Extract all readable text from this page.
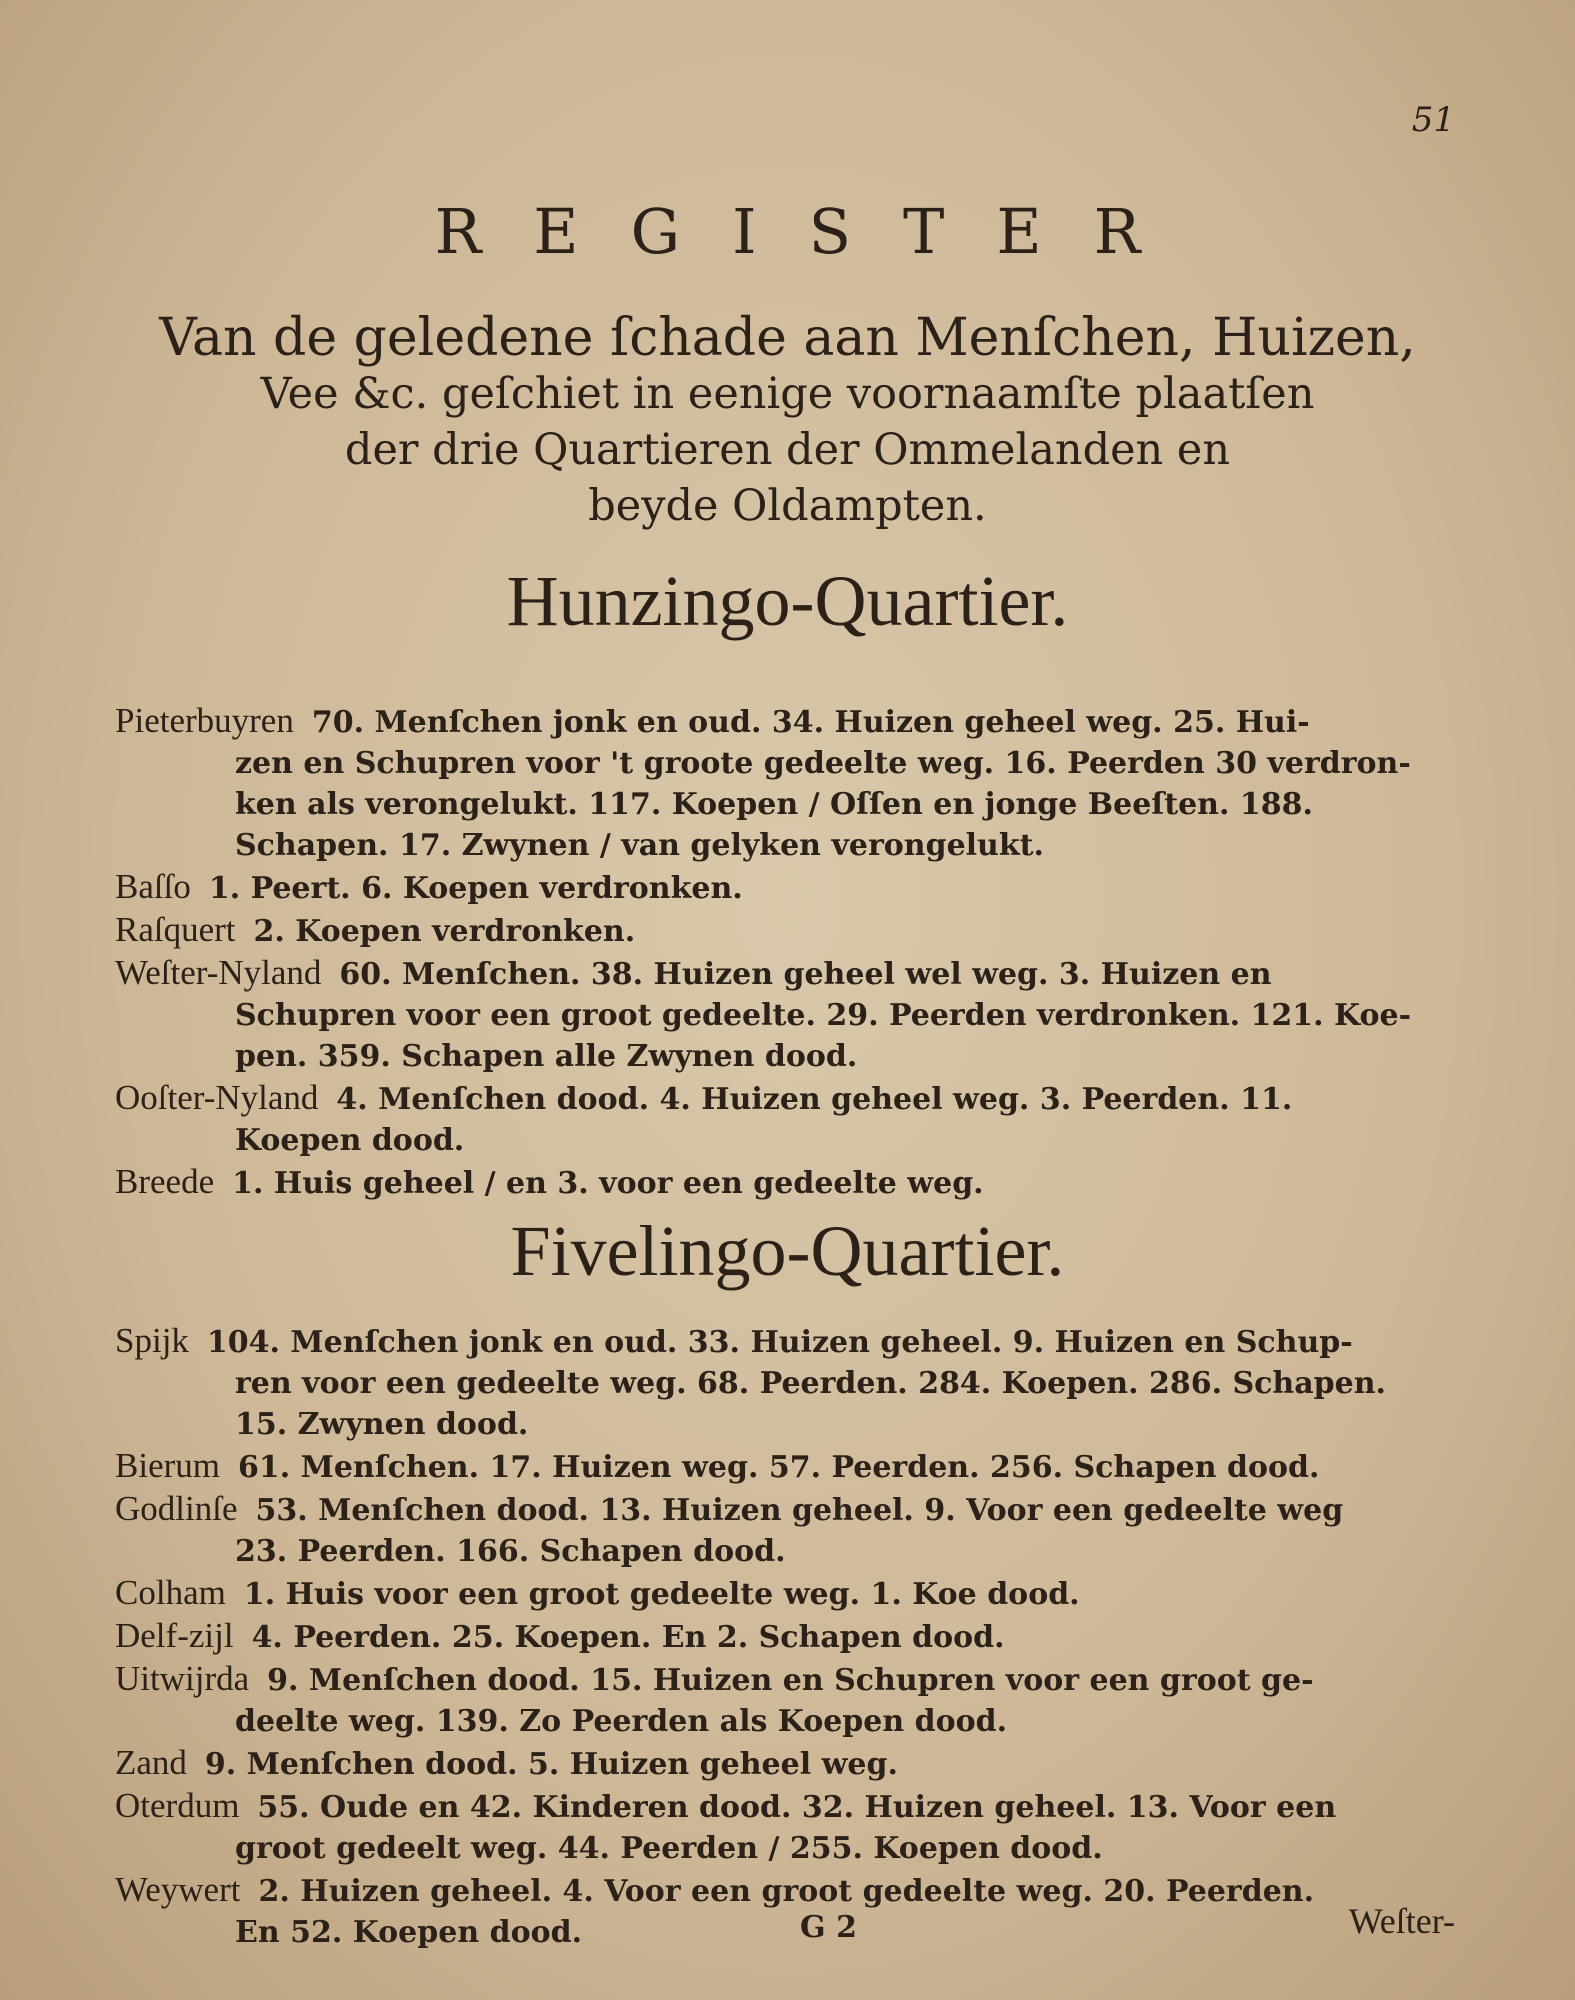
51
REGISTER
Van de geledene ſchade aan Menſchen, Huizen,
Vee &c. geſchiet in eenige voornaamſte plaatſen
der drie Quartieren der Ommelanden en
beyde Oldampten.
Hunzingo-Quartier.
Pieterbuyren 70. Menſchen jonk en oud. 34. Huizen geheel weg. 25. Hui-
zen en Schupren voor 't groote gedeelte weg. 16. Peerden 30 verdron-
ken als verongelukt. 117. Koepen / Oſſen en jonge Beeſten. 188.
Schapen. 17. Zwynen / van gelyken verongelukt.
Baſſo 1. Peert. 6. Koepen verdronken.
Raſquert 2. Koepen verdronken.
Weſter-Nyland 60. Menſchen. 38. Huizen geheel wel weg. 3. Huizen en
Schupren voor een groot gedeelte. 29. Peerden verdronken. 121. Koe-
pen. 359. Schapen alle Zwynen dood.
Ooſter-Nyland 4. Menſchen dood. 4. Huizen geheel weg. 3. Peerden. 11.
Koepen dood.
Breede 1. Huis geheel / en 3. voor een gedeelte weg.
Fivelingo-Quartier.
Spijk 104. Menſchen jonk en oud. 33. Huizen geheel. 9. Huizen en Schup-
ren voor een gedeelte weg. 68. Peerden. 284. Koepen. 286. Schapen.
15. Zwynen dood.
Bierum 61. Menſchen. 17. Huizen weg. 57. Peerden. 256. Schapen dood.
Godlinſe 53. Menſchen dood. 13. Huizen geheel. 9. Voor een gedeelte weg
23. Peerden. 166. Schapen dood.
Colham 1. Huis voor een groot gedeelte weg. 1. Koe dood.
Delf-zijl 4. Peerden. 25. Koepen. En 2. Schapen dood.
Uitwijrda 9. Menſchen dood. 15. Huizen en Schupren voor een groot ge-
deelte weg. 139. Zo Peerden als Koepen dood.
Zand 9. Menſchen dood. 5. Huizen geheel weg.
Oterdum 55. Oude en 42. Kinderen dood. 32. Huizen geheel. 13. Voor een
groot gedeelt weg. 44. Peerden / 255. Koepen dood.
Weywert 2. Huizen geheel. 4. Voor een groot gedeelte weg. 20. Peerden.
En 52. Koepen dood.	G 2	Weſter-
